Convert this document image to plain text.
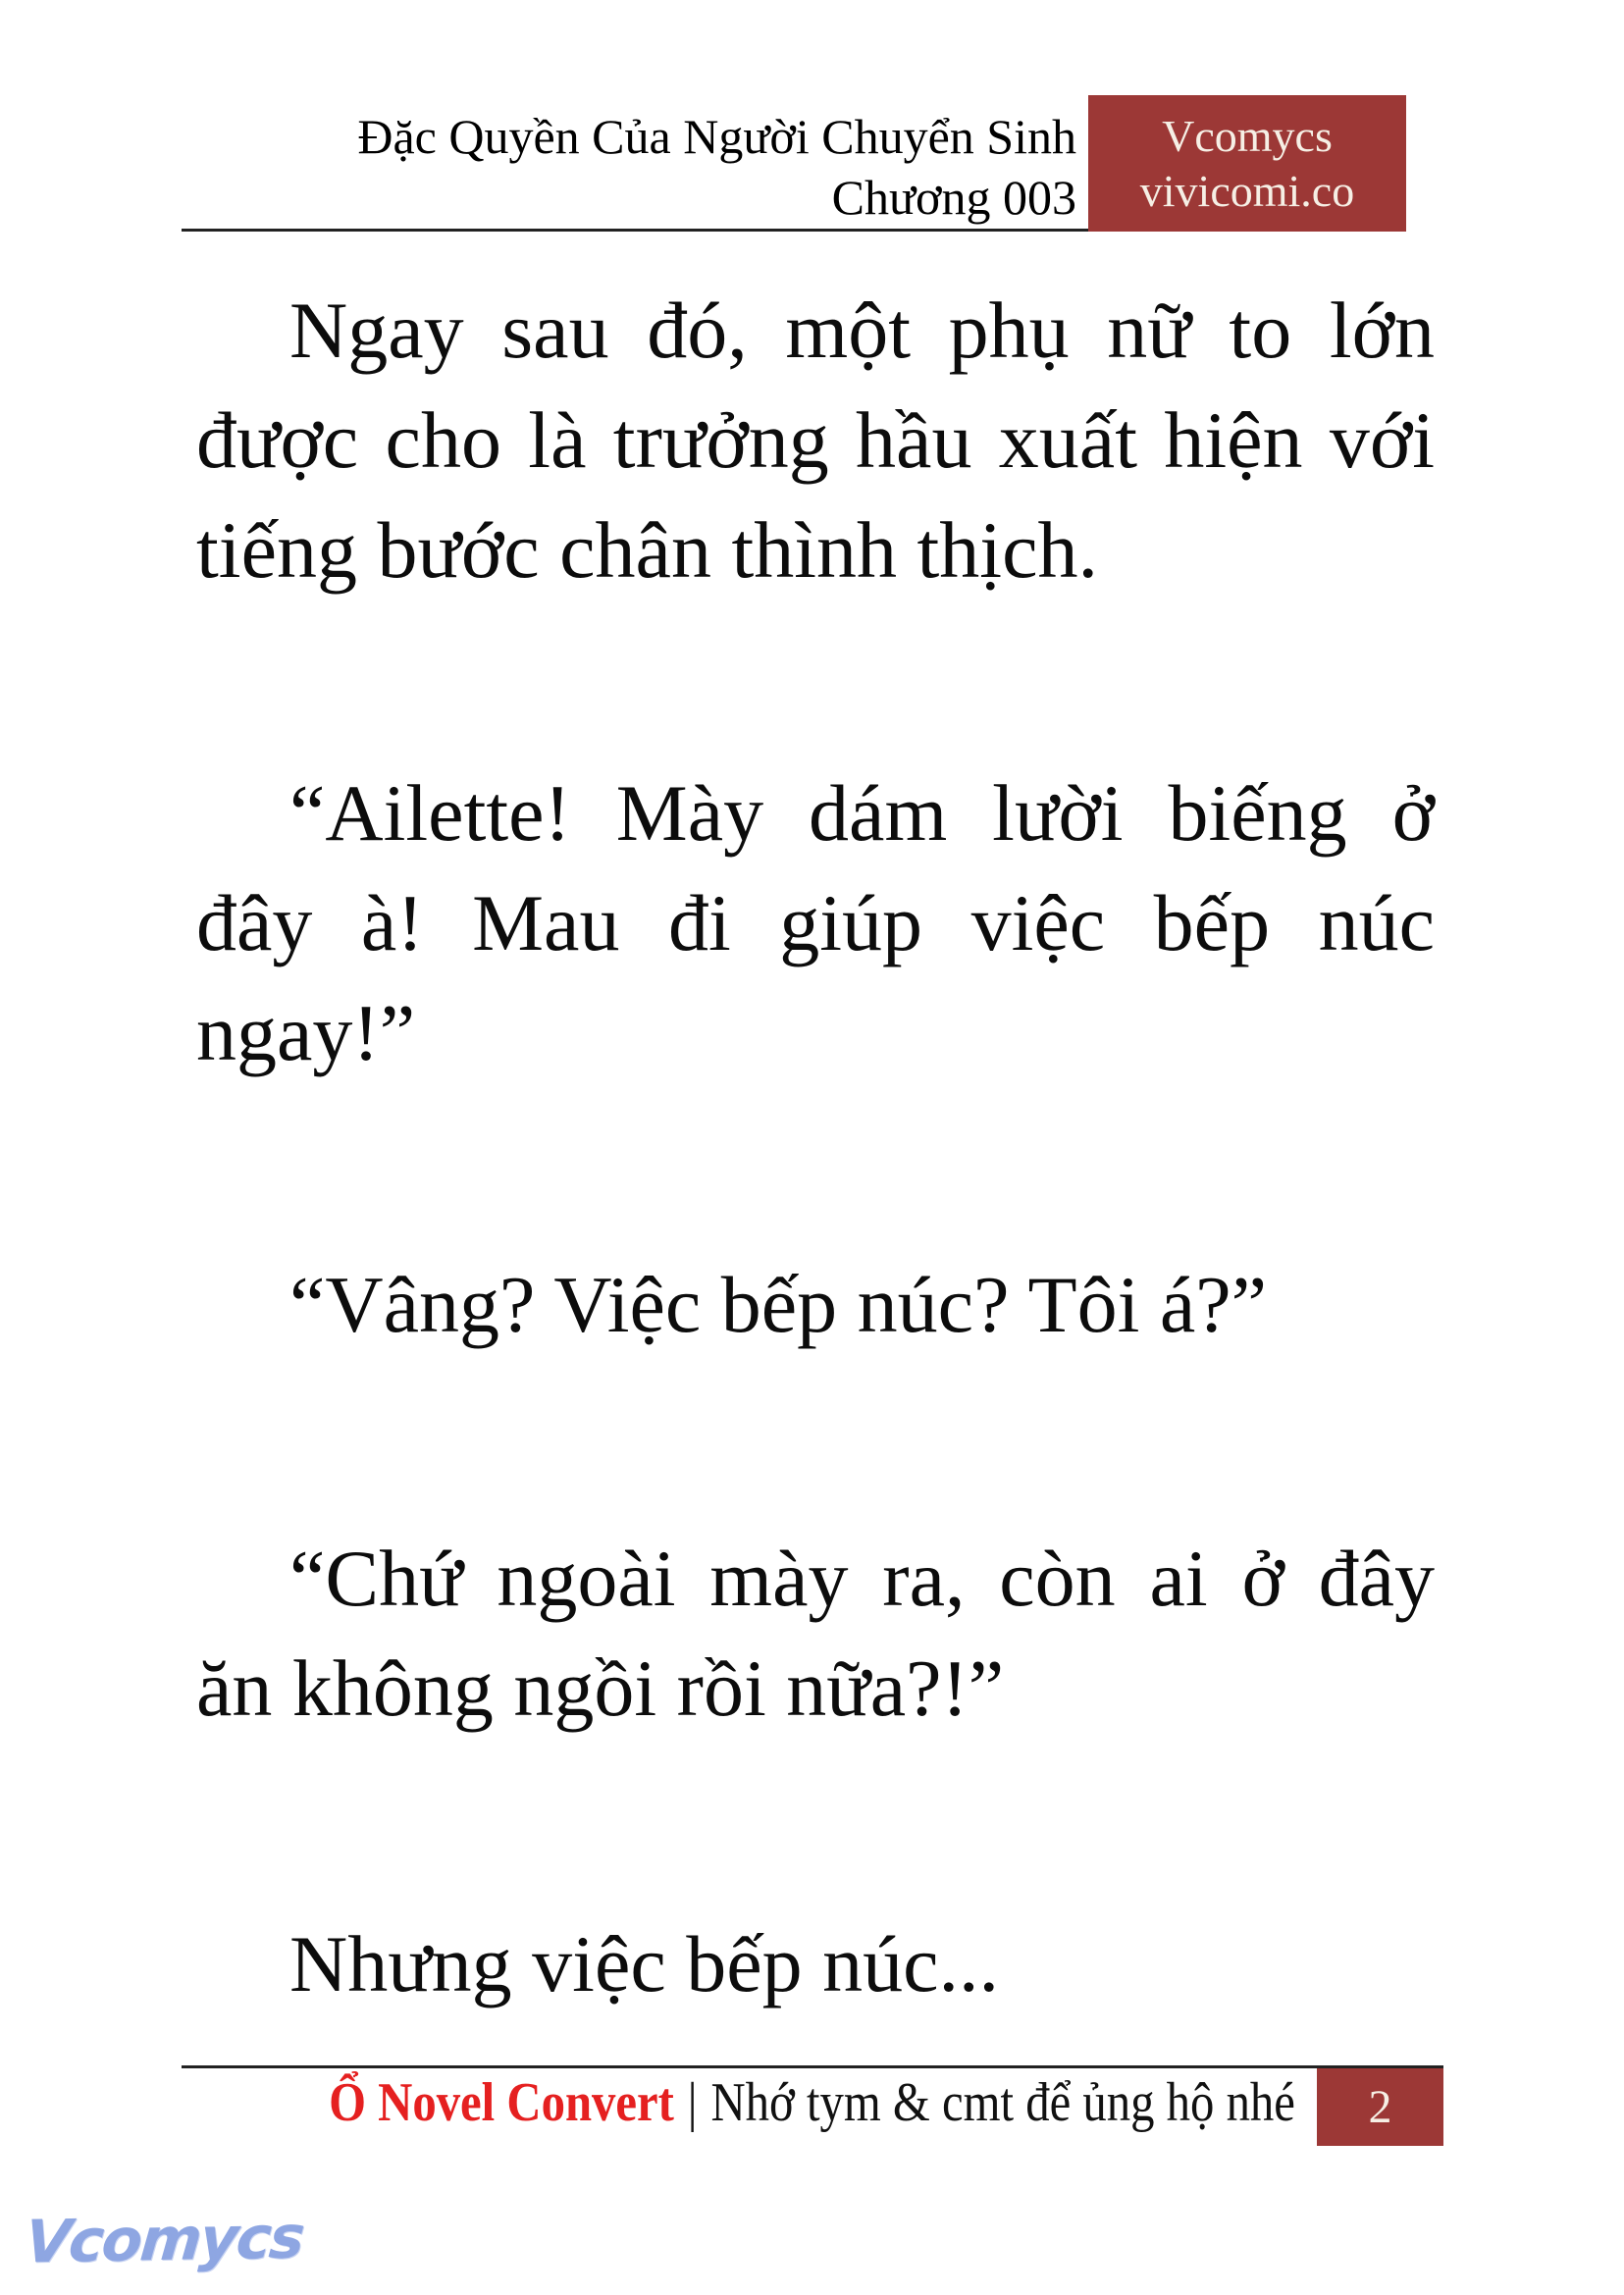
Đặc Quyền Của Người Chuyển Sinh
Chương 003
Vcomycs
vivicomi.co
Ngay sau đó, một phụ nữ to lớn
được cho là trưởng hầu xuất hiện với
tiếng bước chân thình thịch.
“Ailette! Mày dám lười biếng ở
đây à! Mau đi giúp việc bếp núc
ngay!”
“Vâng? Việc bếp núc? Tôi á?”
“Chứ ngoài mày ra, còn ai ở đây
ăn không ngồi rồi nữa?!”
Nhưng việc bếp núc...
Ổ Novel Convert | Nhớ tym & cmt để ủng hộ nhé	2
Vcomycs
